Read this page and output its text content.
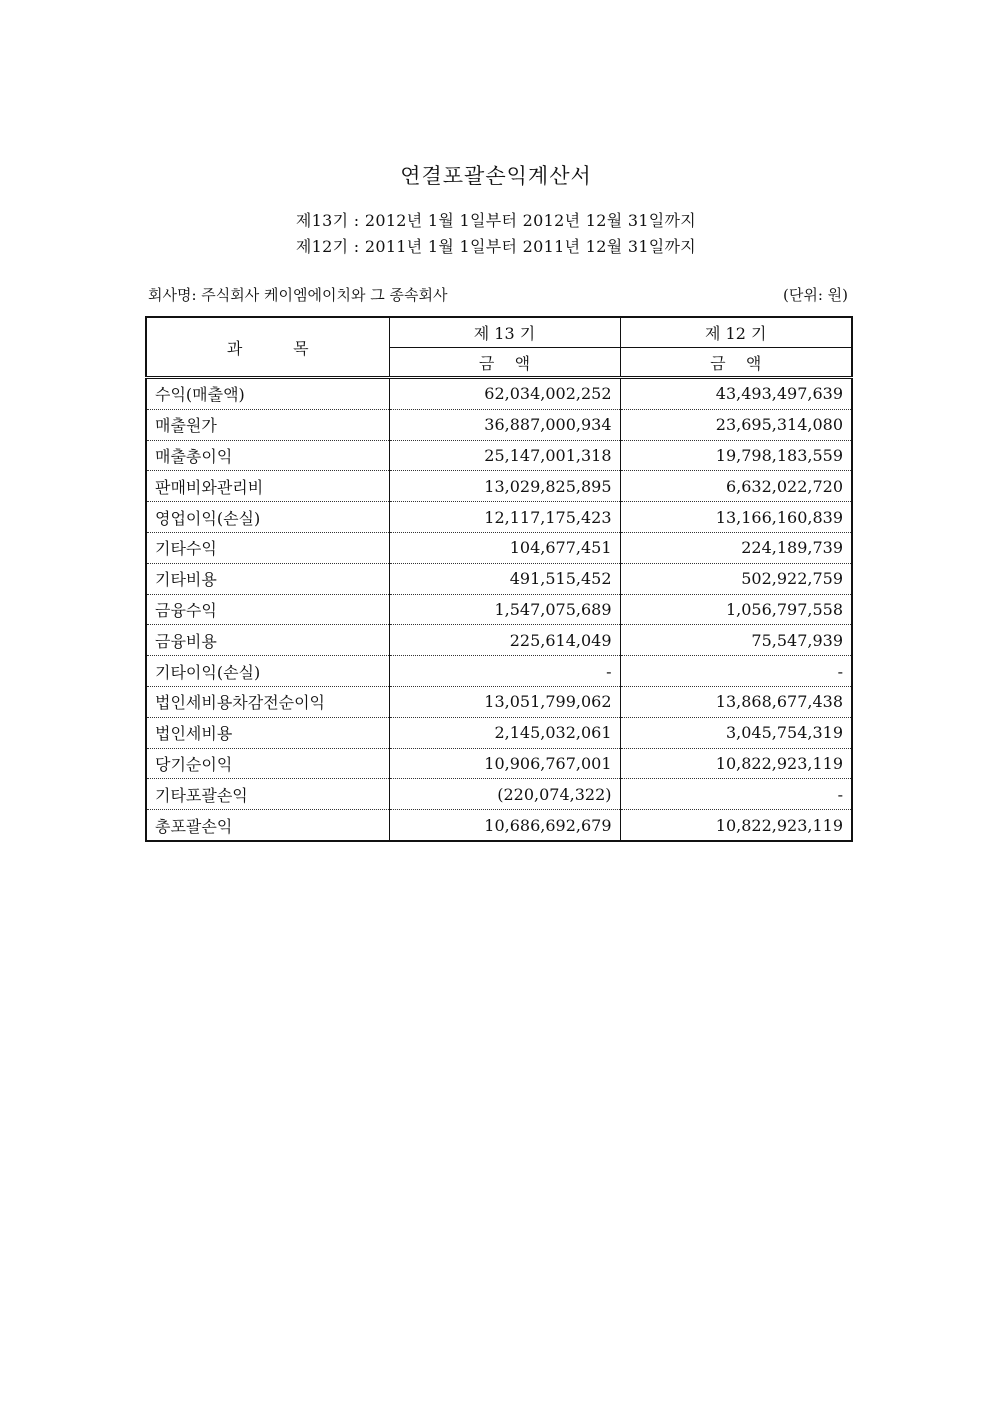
연결포괄손익계산서
제13기 : 2012년 1월 1일부터 2012년 12월 31일까지
제12기 : 2011년 1월 1일부터 2011년 12월 31일까지
회사명: 주식회사 케이엠에이치와 그 종속회사	(단위: 원)
과          목	제 13 기	제 12 기
	금    액	금    액
수익(매출액)	62,034,002,252	43,493,497,639
매출원가	36,887,000,934	23,695,314,080
매출총이익	25,147,001,318	19,798,183,559
판매비와관리비	13,029,825,895	6,632,022,720
영업이익(손실)	12,117,175,423	13,166,160,839
기타수익	104,677,451	224,189,739
기타비용	491,515,452	502,922,759
금융수익	1,547,075,689	1,056,797,558
금융비용	225,614,049	75,547,939
기타이익(손실)	-	-
법인세비용차감전순이익	13,051,799,062	13,868,677,438
법인세비용	2,145,032,061	3,045,754,319
당기순이익	10,906,767,001	10,822,923,119
기타포괄손익	(220,074,322)	-
총포괄손익	10,686,692,679	10,822,923,119
